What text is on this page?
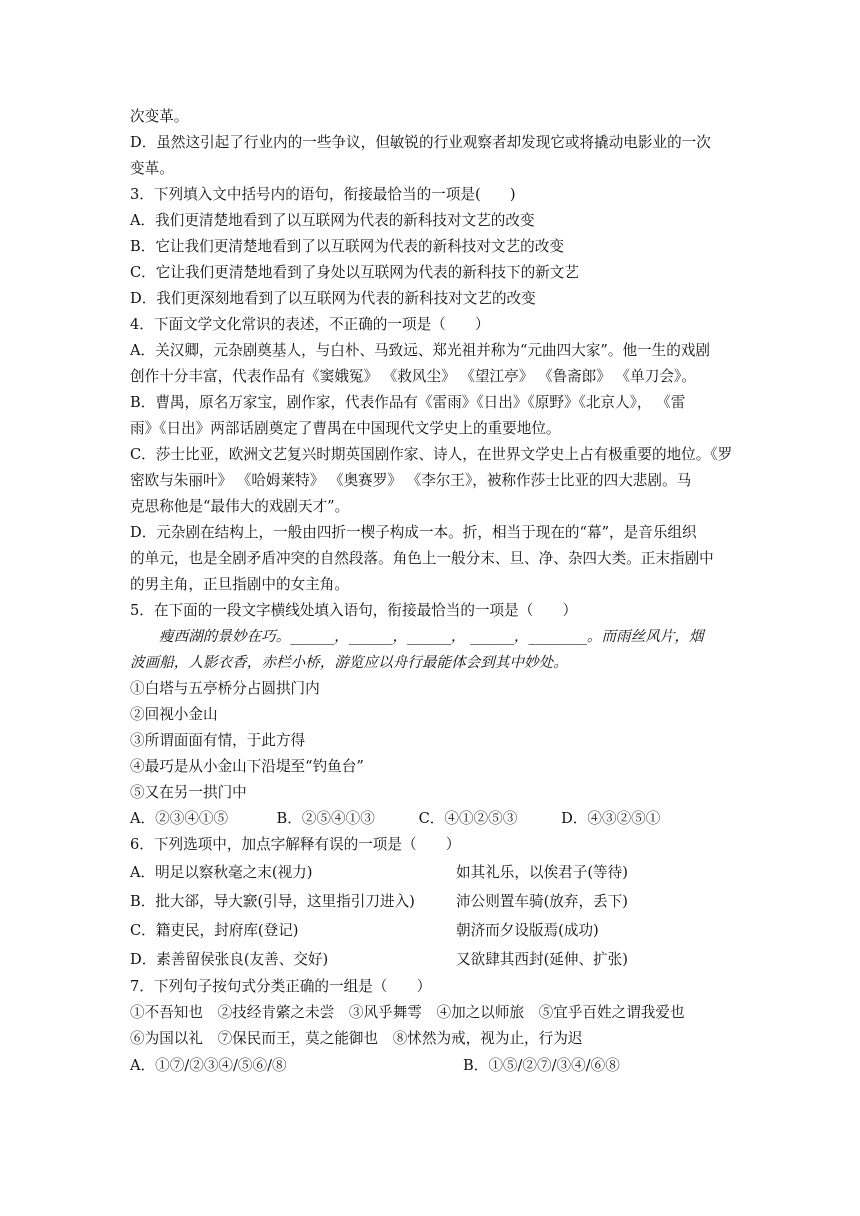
次变革。
D．虽然这引起了行业内的一些争议，但敏锐的行业观察者却发现它或将撬动电影业的一次
变革。
3．下列填入文中括号内的语句，衔接最恰当的一项是(　　)
A．我们更清楚地看到了以互联网为代表的新科技对文艺的改变
B．它让我们更清楚地看到了以互联网为代表的新科技对文艺的改变
C．它让我们更清楚地看到了身处以互联网为代表的新科技下的新文艺
D．我们更深刻地看到了以互联网为代表的新科技对文艺的改变
4．下面文学文化常识的表述，不正确的一项是（　　）
A．关汉卿，元杂剧奠基人，与白朴、马致远、郑光祖并称为“元曲四大家”。他一生的戏剧
创作十分丰富，代表作品有《窦娥冤》 《救风尘》 《望江亭》 《鲁斋郎》 《单刀会》。
B．曹禺，原名万家宝，剧作家，代表作品有《雷雨》《日出》《原野》《北京人》， 《雷
雨》《日出》两部话剧奠定了曹禺在中国现代文学史上的重要地位。
C．莎士比亚，欧洲文艺复兴时期英国剧作家、诗人，在世界文学史上占有极重要的地位。《罗
密欧与朱丽叶》 《哈姆莱特》 《奥赛罗》 《李尔王》，被称作莎士比亚的四大悲剧。马
克思称他是“最伟大的戏剧天才”。
D．元杂剧在结构上，一般由四折一楔子构成一本。折，相当于现在的“幕”，是音乐组织
的单元，也是全剧矛盾冲突的自然段落。角色上一般分末、旦、净、杂四大类。正末指剧中
的男主角，正旦指剧中的女主角。
5．在下面的一段文字横线处填入语句，衔接最恰当的一项是（　　）
瘦西湖的景妙在巧。______，______，______， ______，________。而雨丝风片，烟
波画船，人影衣香，赤栏小桥，游览应以舟行最能体会到其中妙处。
①白塔与五亭桥分占圆拱门内
②回视小金山
③所谓面面有情，于此方得
④最巧是从小金山下沿堤至“钓鱼台”
⑤又在另一拱门中
A．②③④①⑤　　　 B．②⑤④①③　　　C．④①②⑤③　　　D．④③②⑤①
6．下列选项中，加点字解释有误的一项是（　　）
A．明足以察秋毫之末(视力)	如其礼乐，以俟君子(等待)
B．批大郤，导大窾(引导，这里指引刀进入)	沛公则置车骑(放弃，丢下)
C．籍吏民，封府库(登记)	朝济而夕设版焉(成功)
D．素善留侯张良(友善、交好)	又欲肆其西封(延伸、扩张)
7．下列句子按句式分类正确的一组是（　　）
①不吾知也　②技经肯綮之未尝　③风乎舞雩　④加之以师旅　⑤宜乎百姓之谓我爱也
⑥为国以礼　⑦保民而王，莫之能御也　⑧怵然为戒，视为止，行为迟
A．①⑦/②③④/⑤⑥/⑧	B．①⑤/②⑦/③④/⑥⑧
